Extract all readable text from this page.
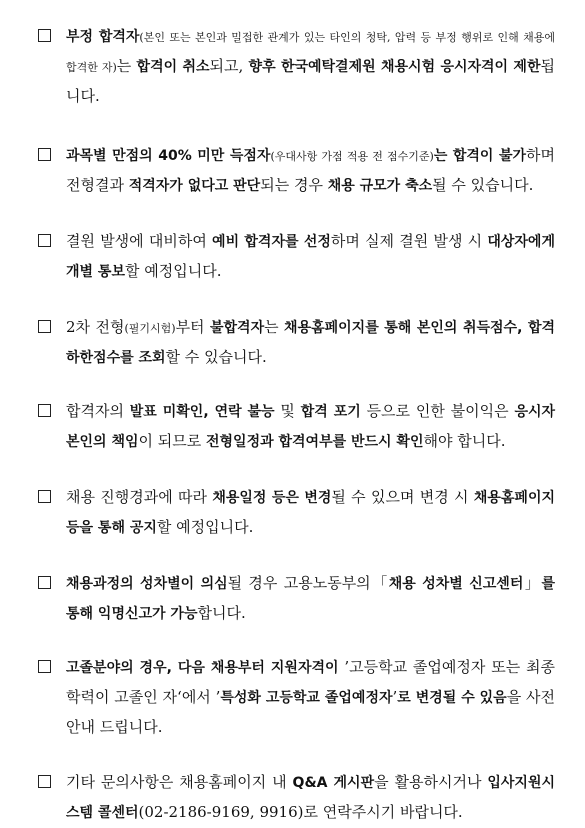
부정 합격자(본인 또는 본인과 밀접한 관계가 있는 타인의 청탁, 압력 등 부정 행위로 인해 채용에 합격한 자)는 합격이 취소되고, 향후 한국예탁결제원 채용시험 응시자격이 제한됩니다.
과목별 만점의 40% 미만 득점자(우대사항 가점 적용 전 점수기준)는 합격이 불가하며 전형결과 적격자가 없다고 판단되는 경우 채용 규모가 축소될 수 있습니다.
결원 발생에 대비하여 예비 합격자를 선정하며 실제 결원 발생 시 대상자에게 개별 통보할 예정입니다.
2차 전형(필기시험)부터 불합격자는 채용홈페이지를 통해 본인의 취득점수, 합격 하한점수를 조회할 수 있습니다.
합격자의 발표 미확인, 연락 불능 및 합격 포기 등으로 인한 불이익은 응시자 본인의 책임이 되므로 전형일정과 합격여부를 반드시 확인해야 합니다.
채용 진행경과에 따라 채용일정 등은 변경될 수 있으며 변경 시 채용홈페이지 등을 통해 공지할 예정입니다.
채용과정의 성차별이 의심될 경우 고용노동부의「채용 성차별 신고센터」를 통해 익명신고가 가능합니다.
고졸분야의 경우, 다음 채용부터 지원자격이 ’고등학교 졸업예정자 또는 최종학력이 고졸인 자‘에서 ’특성화 고등학교 졸업예정자’로 변경될 수 있음을 사전 안내 드립니다.
기타 문의사항은 채용홈페이지 내 Q&A 게시판을 활용하시거나 입사지원시스템 콜센터(02-2186-9169, 9916)로 연락주시기 바랍니다.
